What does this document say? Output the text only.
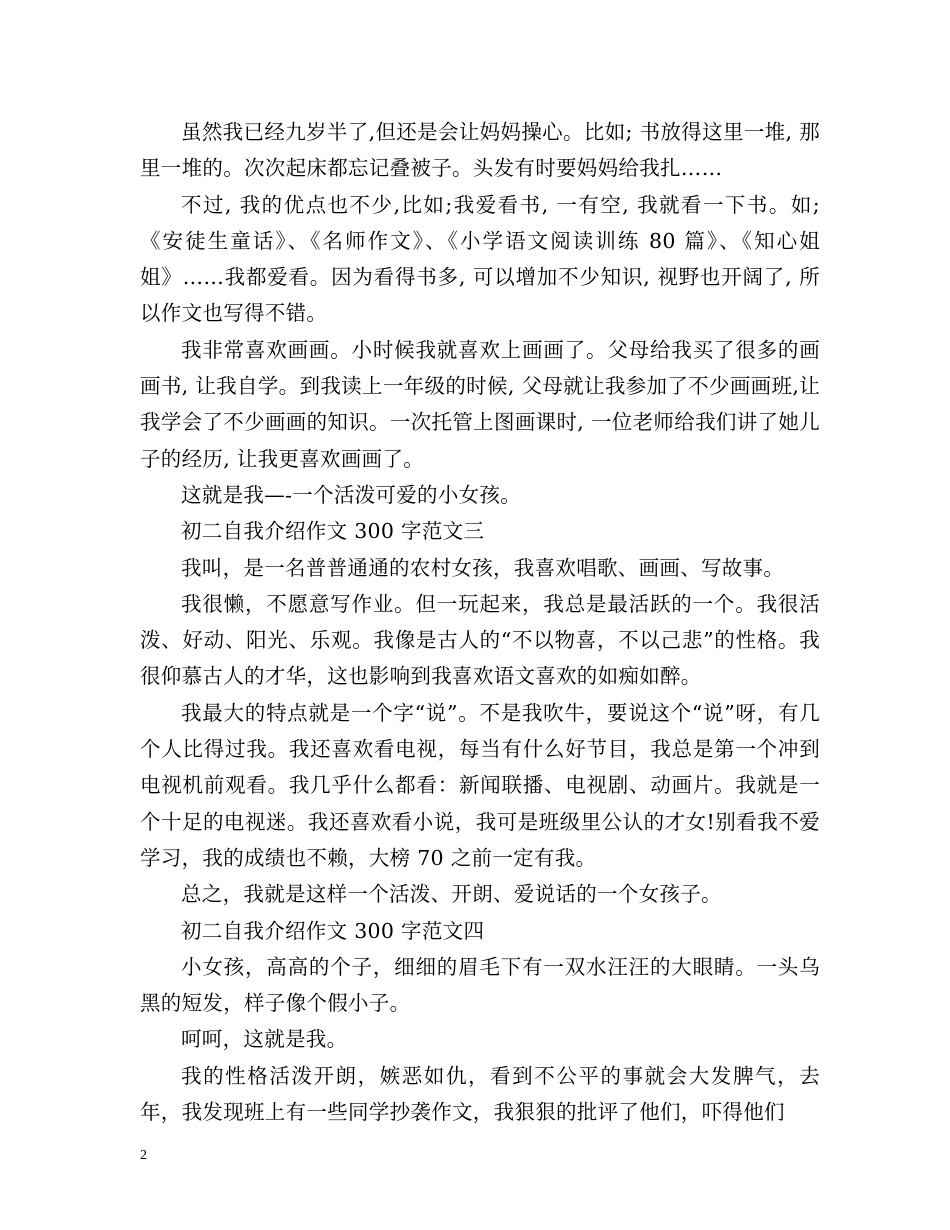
虽然我已经九岁半了,但还是会让妈妈操心。比如; 书放得这里一堆, 那里一堆的。次次起床都忘记叠被子。头发有时要妈妈给我扎……

不过, 我的优点也不少,比如;我爱看书, 一有空, 我就看一下书。如;《安徒生童话》、《名师作文》、《小学语文阅读训练 80 篇》、《知心姐姐》……我都爱看。因为看得书多, 可以增加不少知识, 视野也开阔了, 所以作文也写得不错。

我非常喜欢画画。小时候我就喜欢上画画了。父母给我买了很多的画画书, 让我自学。到我读上一年级的时候, 父母就让我参加了不少画画班,让我学会了不少画画的知识。一次托管上图画课时, 一位老师给我们讲了她儿子的经历, 让我更喜欢画画了。

这就是我—-一个活泼可爱的小女孩。

初二自我介绍作文 300 字范文三

我叫，是一名普普通通的农村女孩，我喜欢唱歌、画画、写故事。

我很懒，不愿意写作业。但一玩起来，我总是最活跃的一个。我很活泼、好动、阳光、乐观。我像是古人的“不以物喜，不以己悲”的性格。我很仰慕古人的才华，这也影响到我喜欢语文喜欢的如痴如醉。

我最大的特点就是一个字“说”。不是我吹牛，要说这个“说”呀，有几个人比得过我。我还喜欢看电视，每当有什么好节目，我总是第一个冲到电视机前观看。我几乎什么都看：新闻联播、电视剧、动画片。我就是一个十足的电视迷。我还喜欢看小说，我可是班级里公认的才女!别看我不爱学习，我的成绩也不赖，大榜 70 之前一定有我。

总之，我就是这样一个活泼、开朗、爱说话的一个女孩子。

初二自我介绍作文 300 字范文四

小女孩，高高的个子，细细的眉毛下有一双水汪汪的大眼睛。一头乌黑的短发，样子像个假小子。

呵呵，这就是我。

我的性格活泼开朗，嫉恶如仇，看到不公平的事就会大发脾气，去年，我发现班上有一些同学抄袭作文，我狠狠的批评了他们，吓得他们

2
